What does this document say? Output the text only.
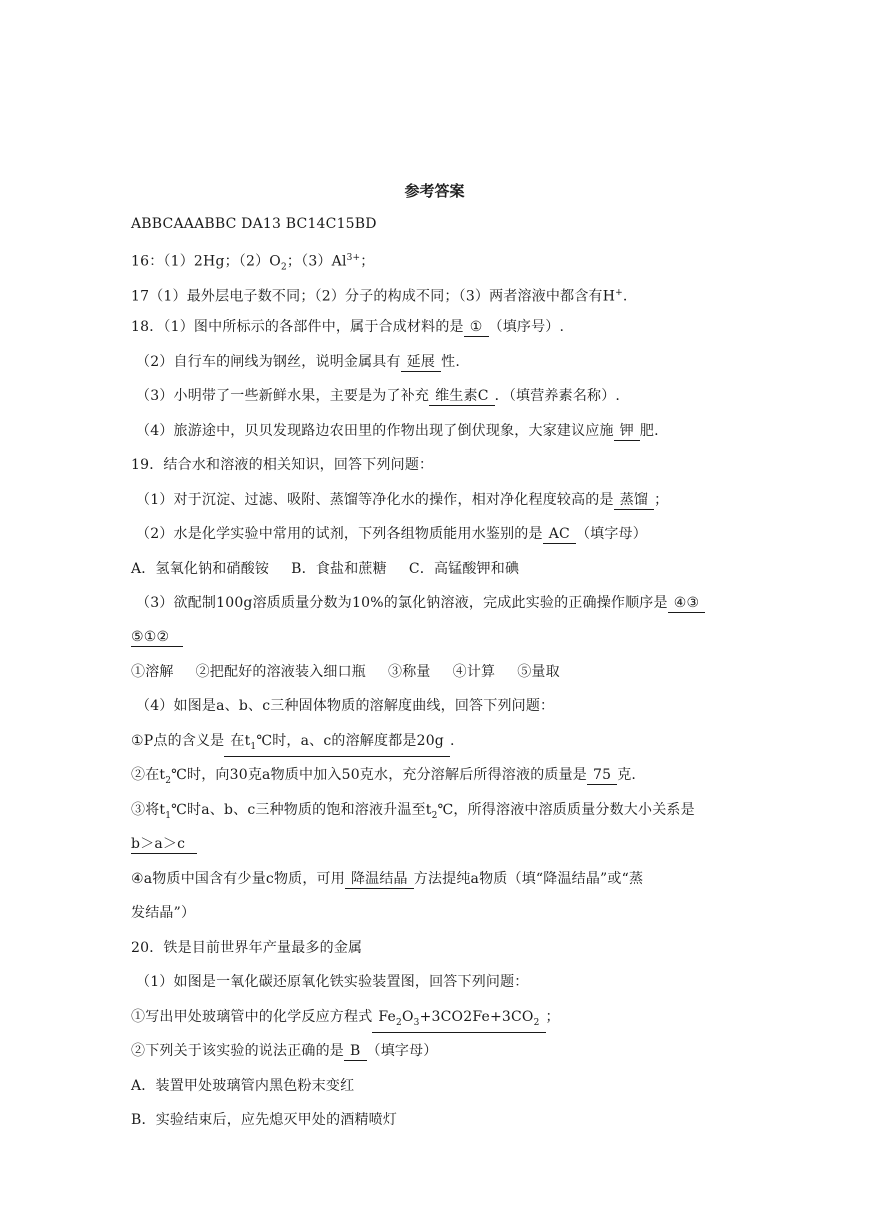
参考答案
ABBCAAABBC DA13 BC14C15BD
16：（1）2Hg；$(2)O_2$；$(3)Al^{3+}$；
17（1）最外层电子数不同；（2）分子的构成不同；（3）两者溶液中都含有H+.
18．（1）图中所标示的各部件中，属于合成材料的是 ① （填序号）.
（2）自行车的闸线为钢丝，说明金属具有 延展 性.
（3）小明带了一些新鲜水果，主要是为了补充 维生素C ．（填营养素名称）.
（4）旅游途中，贝贝发现路边农田里的作物出现了倒伏现象，大家建议应施 钾 肥.
19．结合水和溶液的相关知识，回答下列问题：
（1）对于沉淀、过滤、吸附、蒸馏等净化水的操作，相对净化程度较高的是 蒸馏 ；
（2）水是化学实验中常用的试剂，下列各组物质能用水鉴别的是 AC （填字母）
A．氢氧化钠和硝酸铵 B．食盐和蔗糖 C．高锰酸钾和碘
（3）欲配制100g溶质质量分数为10%的氯化钠溶液，完成此实验的正确操作顺序是 ④③
⑤①②
①溶解 ②把配好的溶液装入细口瓶 ③称量 ④计算 ⑤量取
（4）如图是a、b、c三种固体物质的溶解度曲线，回答下列问题：
①P点的含义是 在$t_1℃$时，a、c的溶解度都是20g .
②在$t_2℃$时，向30克a物质中加入50克水，充分溶解后所得溶液的质量是 75 克.
③将$t_1℃$时a、b、c三种物质的饱和溶液升温至$t_2℃$，所得溶液中溶质质量分数大小关系是
b＞a＞c
④a物质中国含有少量c物质，可用 降温结晶 方法提纯a物质（填“降温结晶”或“蒸
发结晶”）
20．铁是目前世界年产量最多的金属
（1）如图是一氧化碳还原氧化铁实验装置图，回答下列问题：
①写出甲处玻璃管中的化学反应方程式 $Fe_2O_3+3CO2Fe+3CO_2$ ；
②下列关于该实验的说法正确的是 B （填字母）
A．装置甲处玻璃管内黑色粉末变红
B．实验结束后，应先熄灭甲处的酒精喷灯
